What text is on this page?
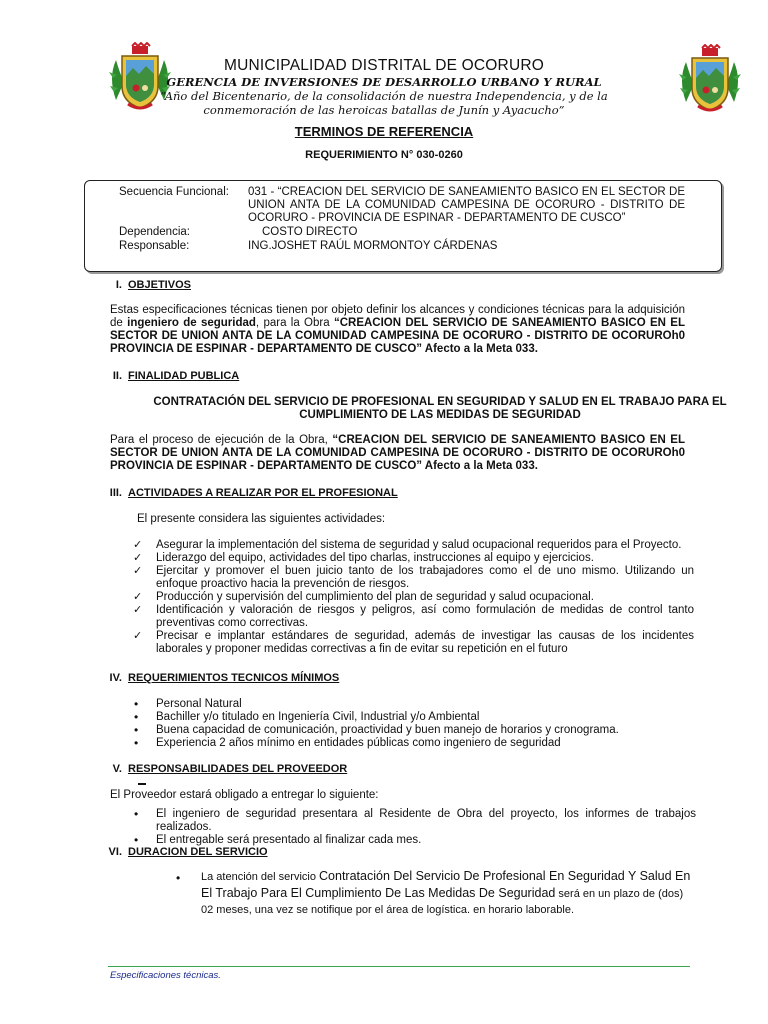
MUNICIPALIDAD DISTRITAL DE OCORURO
GERENCIA DE INVERSIONES DE DESARROLLO URBANO Y RURAL
“Año del Bicentenario, de la consolidación de nuestra Independencia, y de la
conmemoración de las heroicas batallas de Junín y Ayacucho”
TERMINOS DE REFERENCIA
REQUERIMIENTO N° 030-0260
Secuencia Funcional: 031 - “CREACION DEL SERVICIO DE SANEAMIENTO BASICO EN EL SECTOR DE UNION ANTA DE LA COMUNIDAD CAMPESINA DE OCORURO - DISTRITO DE OCORURO - PROVINCIA DE ESPINAR - DEPARTAMENTO DE CUSCO”
Dependencia:	COSTO DIRECTO
Responsable:	ING.JOSHET RAÚL MORMONTOY CÁRDENAS
I. OBJETIVOS
Estas especificaciones técnicas tienen por objeto definir los alcances y condiciones técnicas para la adquisición de ingeniero de seguridad, para la Obra “CREACION DEL SERVICIO DE SANEAMIENTO BASICO EN EL SECTOR DE UNION ANTA DE LA COMUNIDAD CAMPESINA DE OCORURO - DISTRITO DE OCORUROh0 PROVINCIA DE ESPINAR - DEPARTAMENTO DE CUSCO” Afecto a la Meta 033.
II. FINALIDAD PUBLICA
CONTRATACIÓN DEL SERVICIO DE PROFESIONAL EN SEGURIDAD Y SALUD EN EL TRABAJO PARA EL
CUMPLIMIENTO DE LAS MEDIDAS DE SEGURIDAD
Para el proceso de ejecución de la Obra, “CREACION DEL SERVICIO DE SANEAMIENTO BASICO EN EL SECTOR DE UNION ANTA DE LA COMUNIDAD CAMPESINA DE OCORURO - DISTRITO DE OCORUROh0 PROVINCIA DE ESPINAR - DEPARTAMENTO DE CUSCO” Afecto a la Meta 033.
III. ACTIVIDADES A REALIZAR POR EL PROFESIONAL
El presente considera las siguientes actividades:
✓ Asegurar la implementación del sistema de seguridad y salud ocupacional requeridos para el Proyecto.
✓ Liderazgo del equipo, actividades del tipo charlas, instrucciones al equipo y ejercicios.
✓ Ejercitar y promover el buen juicio tanto de los trabajadores como el de uno mismo. Utilizando un enfoque proactivo hacia la prevención de riesgos.
✓ Producción y supervisión del cumplimiento del plan de seguridad y salud ocupacional.
✓ Identificación y valoración de riesgos y peligros, así como formulación de medidas de control tanto preventivas como correctivas.
✓ Precisar e implantar estándares de seguridad, además de investigar las causas de los incidentes laborales y proponer medidas correctivas a fin de evitar su repetición en el futuro
IV. REQUERIMIENTOS TECNICOS MÍNIMOS
• Personal Natural
• Bachiller y/o titulado en Ingeniería Civil, Industrial y/o Ambiental
• Buena capacidad de comunicación, proactividad y buen manejo de horarios y cronograma.
• Experiencia 2 años mínimo en entidades públicas como ingeniero de seguridad
V. RESPONSABILIDADES DEL PROVEEDOR
El Proveedor estará obligado a entregar lo siguiente:
• El ingeniero de seguridad presentara al Residente de Obra del proyecto, los informes de trabajos realizados.
• El entregable será presentado al finalizar cada mes.
VI. DURACION DEL SERVICIO
• La atención del servicio Contratación Del Servicio De Profesional En Seguridad Y Salud En El Trabajo Para El Cumplimiento De Las Medidas De Seguridad será en un plazo de (dos) 02 meses, una vez se notifique por el área de logística. en horario laborable.
Especificaciones técnicas.
